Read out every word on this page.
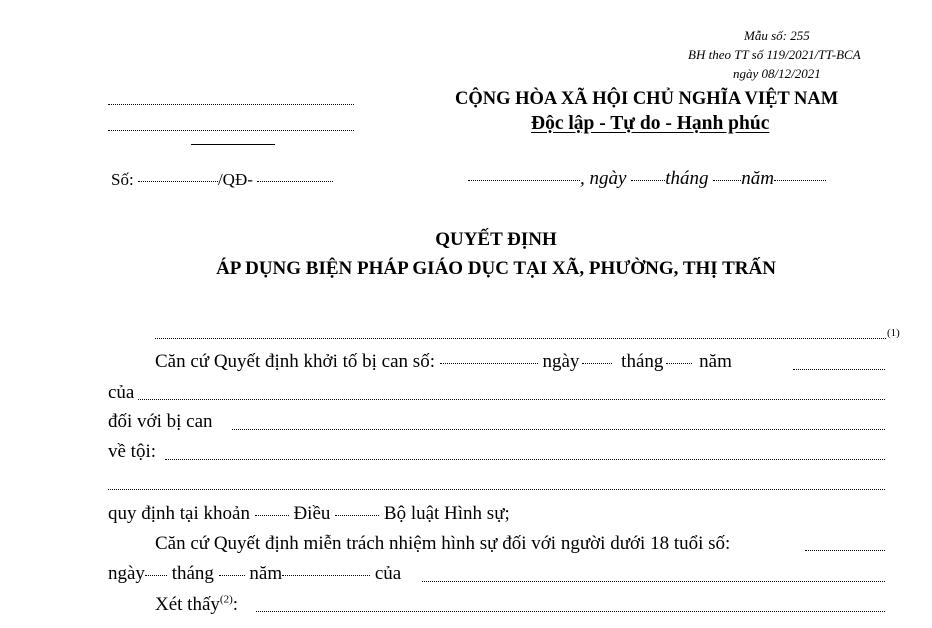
Mẫu số: 255
BH theo TT số 119/2021/TT-BCA
ngày 08/12/2021
CỘNG HÒA XÃ HỘI CHỦ NGHĨA VIỆT NAM
Độc lập - Tự do - Hạnh phúc
Số:	/QĐ-	, ngày tháng năm
QUYẾT ĐỊNH
ÁP DỤNG BIỆN PHÁP GIÁO DỤC TẠI XÃ, PHƯỜNG, THỊ TRẤN
(1)
Căn cứ Quyết định khởi tố bị can số:	ngày tháng năm
của
đối với bị can
về tội:
quy định tại khoản Điều	Bộ luật Hình sự;
Căn cứ Quyết định miễn trách nhiệm hình sự đối với người dưới 18 tuổi số:
ngày tháng năm	của
Xét thấy$^{(2)}$:
